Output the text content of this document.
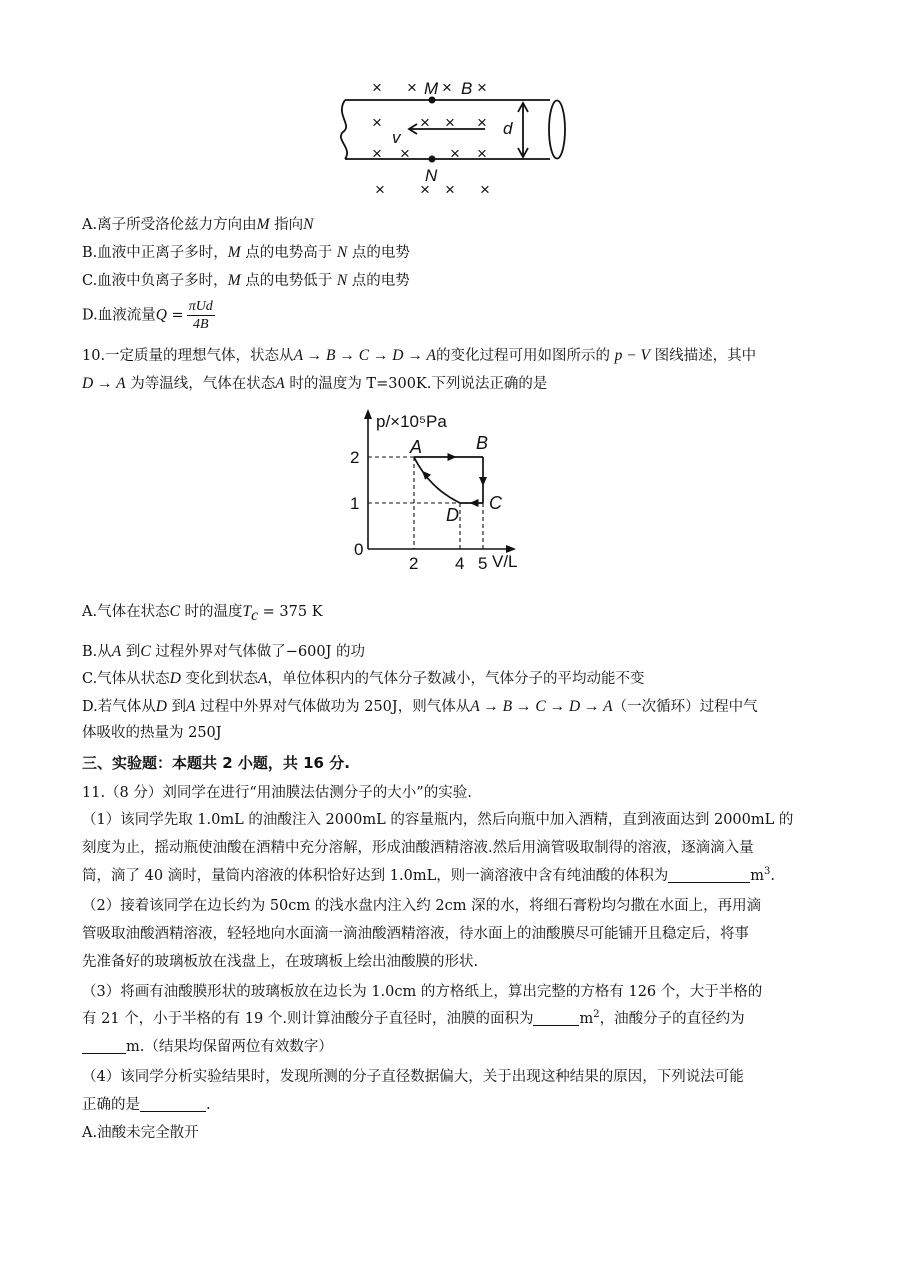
× × × ×
× × × ×
× × × ×
× × × ×
M B
v	d
N
A.离子所受洛伦兹力方向由M 指向N
B.血液中正离子多时，M 点的电势高于 N 点的电势
C.血液中负离子多时，M 点的电势低于 N 点的电势
D.血液流量$Q = \frac{\text{πUd}}{4B}$
10.一定质量的理想气体，状态从A → B → C → D → A的变化过程可用如图所示的 p − V 图线描述，其中
D → A 为等温线，气体在状态A 时的温度为 T=300K.下列说法正确的是
p/×10⁵Pa
V/L
0
2 4 5
1
2
A	B
C
D
A.气体在状态C 时的温度$T_c = 375$ K
B.从A 到C 过程外界对气体做了−600J 的功
C.气体从状态D 变化到状态A，单位体积内的气体分子数减小，气体分子的平均动能不变
D.若气体从D 到A 过程中外界对气体做功为 250J，则气体从A → B → C → D → A（一次循环）过程中气
体吸收的热量为 250J
三、实验题：本题共 2 小题，共 16 分.
11.（8 分）刘同学在进行“用油膜法估测分子的大小”的实验.
（1）该同学先取 1.0mL 的油酸注入 2000mL 的容量瓶内，然后向瓶中加入酒精，直到液面达到 2000mL 的
刻度为止，摇动瓶使油酸在酒精中充分溶解，形成油酸酒精溶液.然后用滴管吸取制得的溶液，逐滴滴入量
筒，滴了 40 滴时，量筒内溶液的体积恰好达到 1.0mL，则一滴溶液中含有纯油酸的体积为	$m^3$.
（2）接着该同学在边长约为 50cm 的浅水盘内注入约 2cm 深的水，将细石膏粉均匀撒在水面上，再用滴
管吸取油酸酒精溶液，轻轻地向水面滴一滴油酸酒精溶液，待水面上的油酸膜尽可能铺开且稳定后，将事
先准备好的玻璃板放在浅盘上，在玻璃板上绘出油酸膜的形状.
（3）将画有油酸膜形状的玻璃板放在边长为 1.0cm 的方格纸上，算出完整的方格有 126 个，大于半格的
有 21 个，小于半格的有 19 个.则计算油酸分子直径时，油膜的面积为	$m^2$，油酸分子的直径约为
m.（结果均保留两位有效数字）
（4）该同学分析实验结果时，发现所测的分子直径数据偏大，关于出现这种结果的原因，下列说法可能
正确的是	.
A.油酸未完全散开
